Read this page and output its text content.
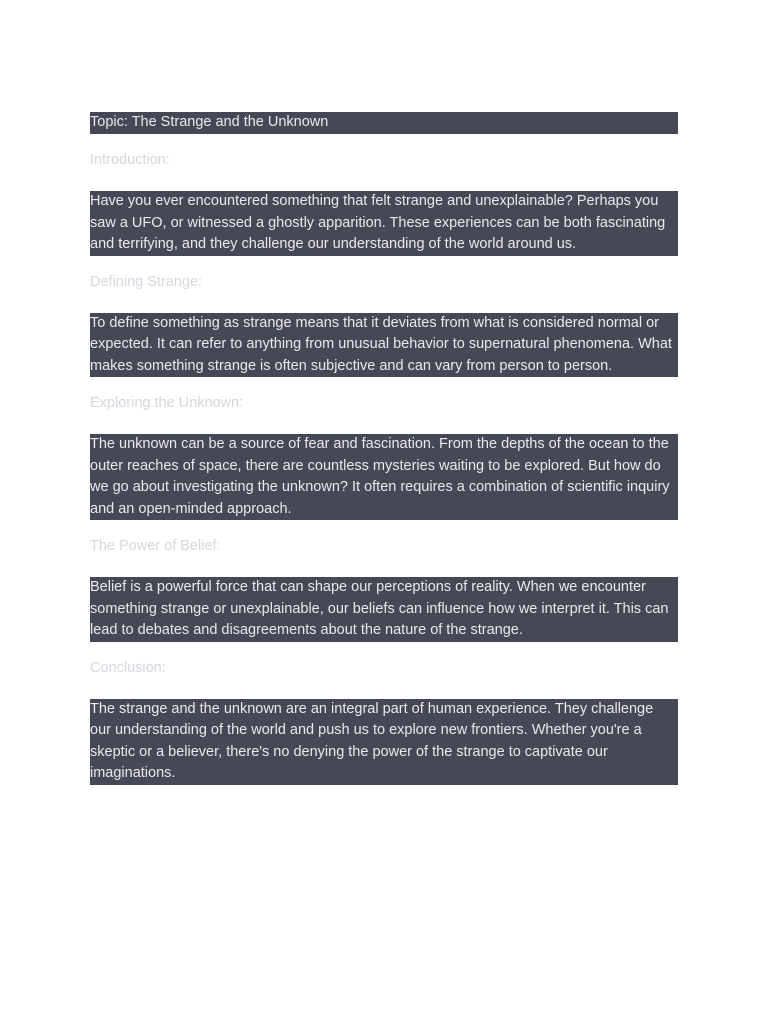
Topic: The Strange and the Unknown
Introduction:
Have you ever encountered something that felt strange and unexplainable? Perhaps you saw a UFO, or witnessed a ghostly apparition. These experiences can be both fascinating and terrifying, and they challenge our understanding of the world around us.
Defining Strange:
To define something as strange means that it deviates from what is considered normal or expected. It can refer to anything from unusual behavior to supernatural phenomena. What makes something strange is often subjective and can vary from person to person.
Exploring the Unknown:
The unknown can be a source of fear and fascination. From the depths of the ocean to the outer reaches of space, there are countless mysteries waiting to be explored. But how do we go about investigating the unknown? It often requires a combination of scientific inquiry and an open-minded approach.
The Power of Belief:
Belief is a powerful force that can shape our perceptions of reality. When we encounter something strange or unexplainable, our beliefs can influence how we interpret it. This can lead to debates and disagreements about the nature of the strange.
Conclusion:
The strange and the unknown are an integral part of human experience. They challenge our understanding of the world and push us to explore new frontiers. Whether you're a skeptic or a believer, there's no denying the power of the strange to captivate our imaginations.
